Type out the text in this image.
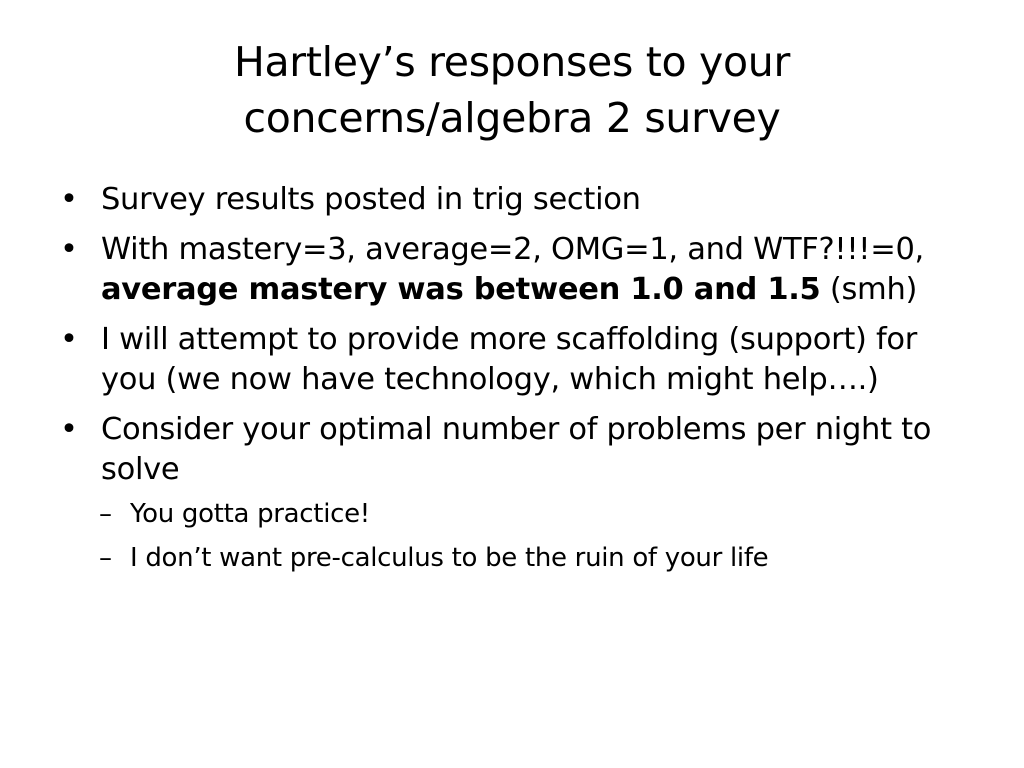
Hartley’s responses to your
concerns/algebra 2 survey
• Survey results posted in trig section
• With mastery=3, average=2, OMG=1, and WTF?!!!=0, average mastery was between 1.0 and 1.5 (smh)
• I will attempt to provide more scaffolding (support) for you (we now have technology, which might help….)
• Consider your optimal number of problems per night to solve
– You gotta practice!
– I don’t want pre-calculus to be the ruin of your life
